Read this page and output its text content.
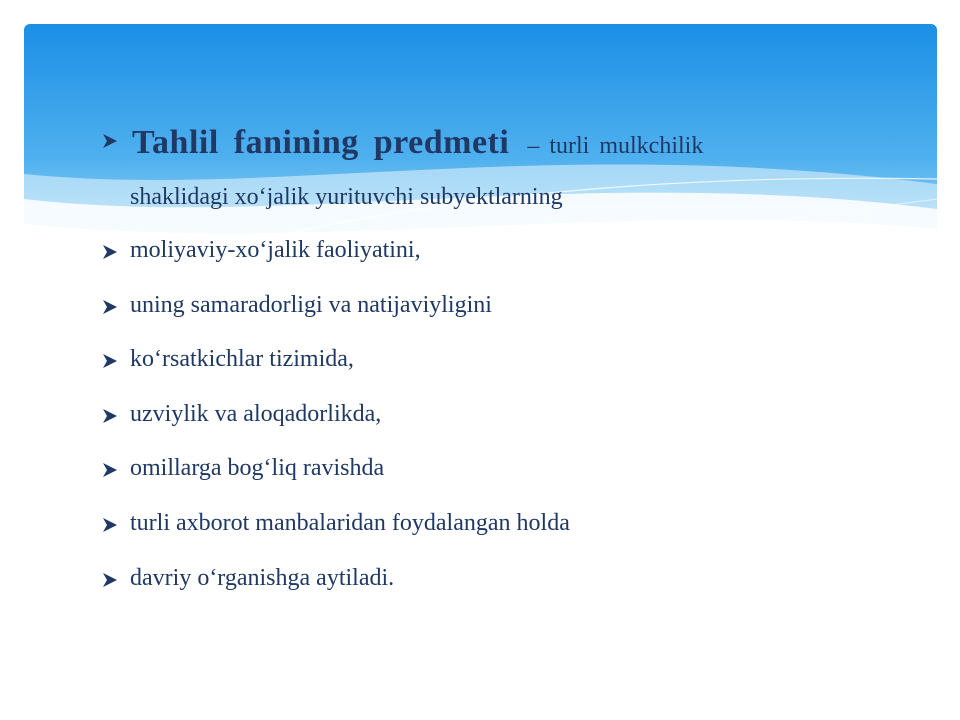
Tahlil fanining predmeti – turli mulkchilik
shaklidagi xo‘jalik yurituvchi subyektlarning
moliyaviy-xo‘jalik faoliyatini,
uning samaradorligi va natijaviyligini
ko‘rsatkichlar tizimida,
uzviylik va aloqadorlikda,
omillarga bog‘liq ravishda
turli axborot manbalaridan foydalangan holda
davriy o‘rganishga aytiladi.
